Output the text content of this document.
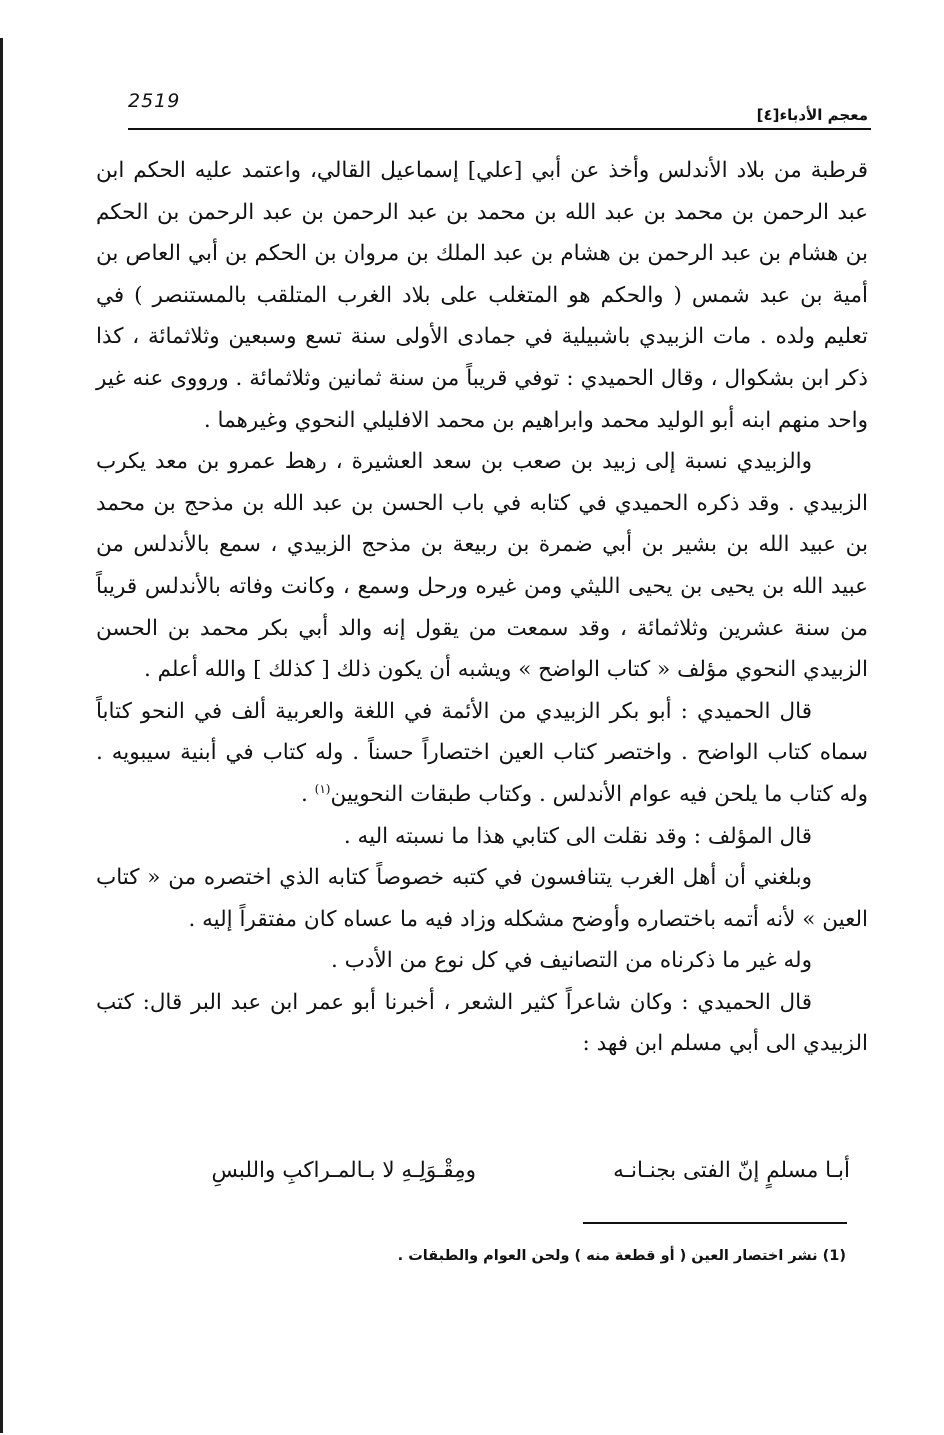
2519
معجم الأدباء[٤]

قرطبة من بلاد الأندلس وأخذ عن أبي [علي] إسماعيل القالي، واعتمد عليه الحكم ابن عبد الرحمن بن محمد بن عبد الله بن محمد بن عبد الرحمن بن عبد الرحمن بن الحكم بن هشام بن عبد الرحمن بن هشام بن عبد الملك بن مروان بن الحكم بن أبي العاص بن أمية بن عبد شمس ( والحكم هو المتغلب على بلاد الغرب المتلقب بالمستنصر ) في تعليم ولده . مات الزبيدي باشبيلية في جمادى الأولى سنة تسع وسبعين وثلاثمائة ، كذا ذكر ابن بشكوال ، وقال الحميدي : توفي قريباً من سنة ثمانين وثلاثمائة . ورووى عنه غير واحد منهم ابنه أبو الوليد محمد وابراهيم بن محمد الافليلي النحوي وغيرهما .

والزبيدي نسبة إلى زبيد بن صعب بن سعد العشيرة ، رهط عمرو بن معد يكرب الزبيدي . وقد ذكره الحميدي في كتابه في باب الحسن بن عبد الله بن مذحج بن محمد بن عبيد الله بن بشير بن أبي ضمرة بن ربيعة بن مذحج الزبيدي ، سمع بالأندلس من عبيد الله بن يحيى بن يحيى الليثي ومن غيره ورحل وسمع ، وكانت وفاته بالأندلس قريباً من سنة عشرين وثلاثمائة ، وقد سمعت من يقول إنه والد أبي بكر محمد بن الحسن الزبيدي النحوي مؤلف « كتاب الواضح » ويشبه أن يكون ذلك [ كذلك ] والله أعلم .

قال الحميدي : أبو بكر الزبيدي من الأئمة في اللغة والعربية ألف في النحو كتاباً سماه كتاب الواضح . واختصر كتاب العين اختصاراً حسناً . وله كتاب في أبنية سيبويه . وله كتاب ما يلحن فيه عوام الأندلس . وكتاب طبقات النحويين$^{(١)}$ .

قال المؤلف : وقد نقلت الى كتابي هذا ما نسبته اليه .

وبلغني أن أهل الغرب يتنافسون في كتبه خصوصاً كتابه الذي اختصره من « كتاب العين » لأنه أتمه باختصاره وأوضح مشكله وزاد فيه ما عساه كان مفتقراً إليه .

وله غير ما ذكرناه من التصانيف في كل نوع من الأدب .

قال الحميدي : وكان شاعراً كثير الشعر ، أخبرنا أبو عمر ابن عبد البر قال: كتب الزبيدي الى أبي مسلم ابن فهد :

أبـا مسلمٍ إنّ الفتى بجنـانـه
ومِقْـوَلِـهِ لا بـالمـراكبِ واللبسِ
(1) نشر اختصار العين ( أو قطعة منه ) ولحن العوام والطبقات .
